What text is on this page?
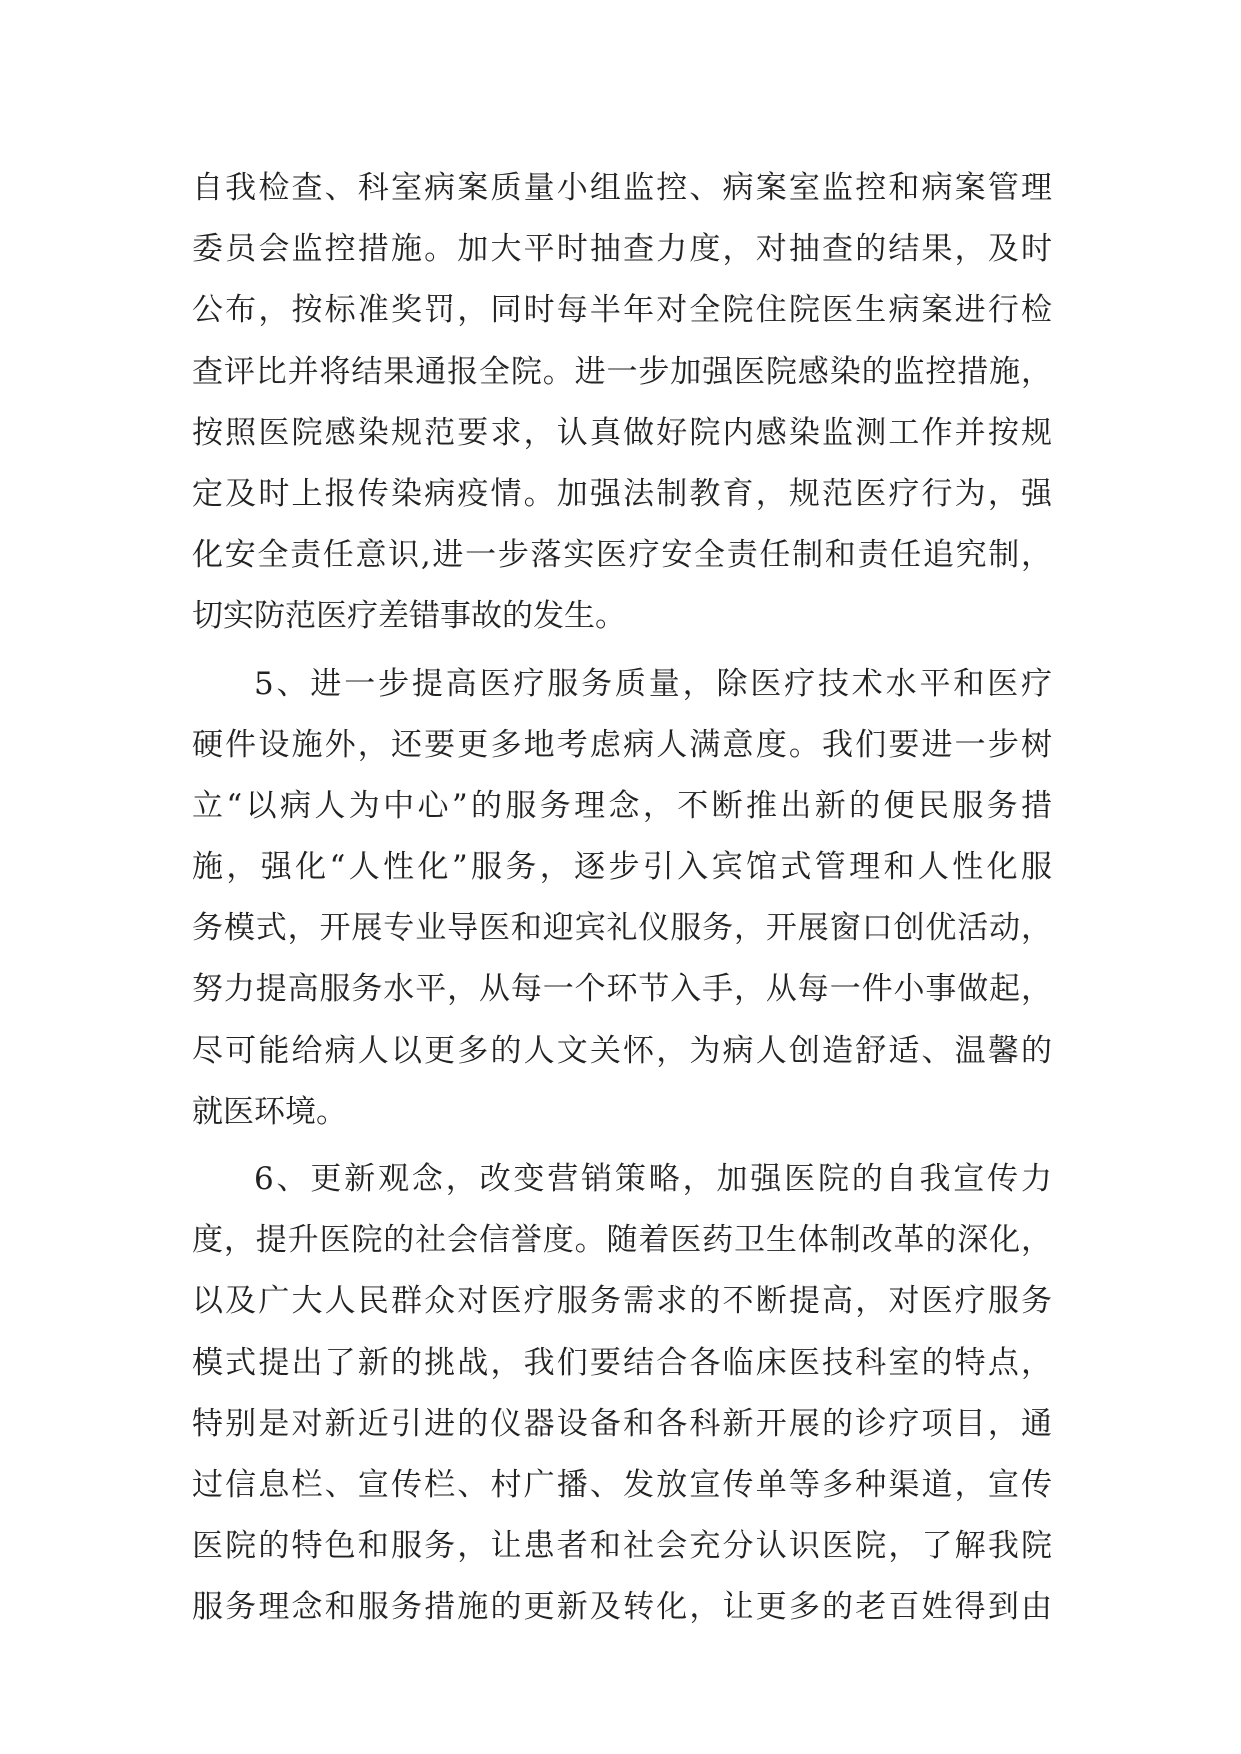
自我检查、科室病案质量小组监控、病案室监控和病案管理
委员会监控措施。加大平时抽查力度，对抽查的结果，及时
公布，按标准奖罚，同时每半年对全院住院医生病案进行检
查评比并将结果通报全院。进一步加强医院感染的监控措施，
按照医院感染规范要求，认真做好院内感染监测工作并按规
定及时上报传染病疫情。加强法制教育，规范医疗行为，强
化安全责任意识,进一步落实医疗安全责任制和责任追究制，
切实防范医疗差错事故的发生。
5、进一步提高医疗服务质量，除医疗技术水平和医疗
硬件设施外，还要更多地考虑病人满意度。我们要进一步树
立“以病人为中心”的服务理念，不断推出新的便民服务措
施，强化“人性化”服务，逐步引入宾馆式管理和人性化服
务模式，开展专业导医和迎宾礼仪服务，开展窗口创优活动，
努力提高服务水平，从每一个环节入手，从每一件小事做起，
尽可能给病人以更多的人文关怀，为病人创造舒适、温馨的
就医环境。
6、更新观念，改变营销策略，加强医院的自我宣传力
度，提升医院的社会信誉度。随着医药卫生体制改革的深化，
以及广大人民群众对医疗服务需求的不断提高，对医疗服务
模式提出了新的挑战，我们要结合各临床医技科室的特点，
特别是对新近引进的仪器设备和各科新开展的诊疗项目，通
过信息栏、宣传栏、村广播、发放宣传单等多种渠道，宣传
医院的特色和服务，让患者和社会充分认识医院，了解我院
服务理念和服务措施的更新及转化，让更多的老百姓得到由
